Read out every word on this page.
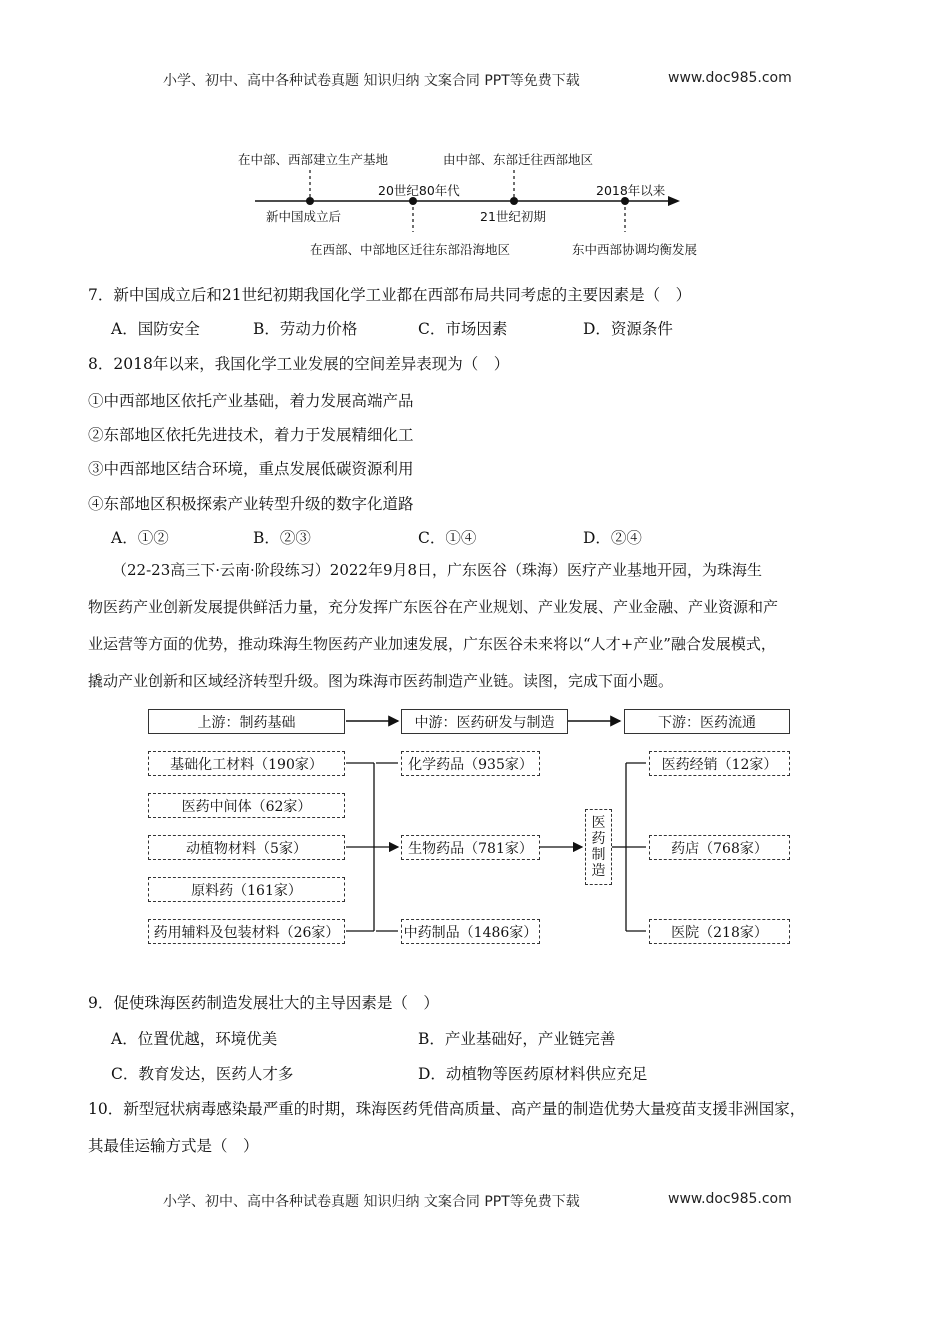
小学、初中、高中各种试卷真题 知识归纳 文案合同 PPT等免费下载	www.doc985.com
在中部、西部建立生产基地
新中国成立后
20世纪80年代
在西部、中部地区迁往东部沿海地区
由中部、东部迁往西部地区
21世纪初期
2018年以来
东中西部协调均衡发展
7．新中国成立后和21世纪初期我国化学工业都在西部布局共同考虑的主要因素是（　）
A．国防安全	B．劳动力价格	C．市场因素	D．资源条件
8．2018年以来，我国化学工业发展的空间差异表现为（　）
①中西部地区依托产业基础，着力发展高端产品
②东部地区依托先进技术，着力于发展精细化工
③中西部地区结合环境，重点发展低碳资源利用
④东部地区积极探索产业转型升级的数字化道路
A．①②	B．②③	C．①④	D．②④
（22-23高三下·云南·阶段练习）2022年9月8日，广东医谷（珠海）医疗产业基地开园，为珠海生
物医药产业创新发展提供鲜活力量，充分发挥广东医谷在产业规划、产业发展、产业金融、产业资源和产
业运营等方面的优势，推动珠海生物医药产业加速发展，广东医谷未来将以“人才+产业”融合发展模式，
撬动产业创新和区域经济转型升级。图为珠海市医药制造产业链。读图，完成下面小题。
上游：制药基础	中游：医药研发与制造	下游：医药流通
基础化工材料（190家）
医药中间体（62家）
动植物材料（5家）
原料药（161家）
药用辅料及包装材料（26家）
化学药品（935家）
生物药品（781家）
中药制品（1486家）
医
药
制
造
医药经销（12家）
药店（768家）
医院（218家）
9．促使珠海医药制造发展壮大的主导因素是（　）
A．位置优越，环境优美	B．产业基础好，产业链完善
C．教育发达，医药人才多	D．动植物等医药原材料供应充足
10．新型冠状病毒感染最严重的时期，珠海医药凭借高质量、高产量的制造优势大量疫苗支援非洲国家，
其最佳运输方式是（　）
小学、初中、高中各种试卷真题 知识归纳 文案合同 PPT等免费下载	www.doc985.com
